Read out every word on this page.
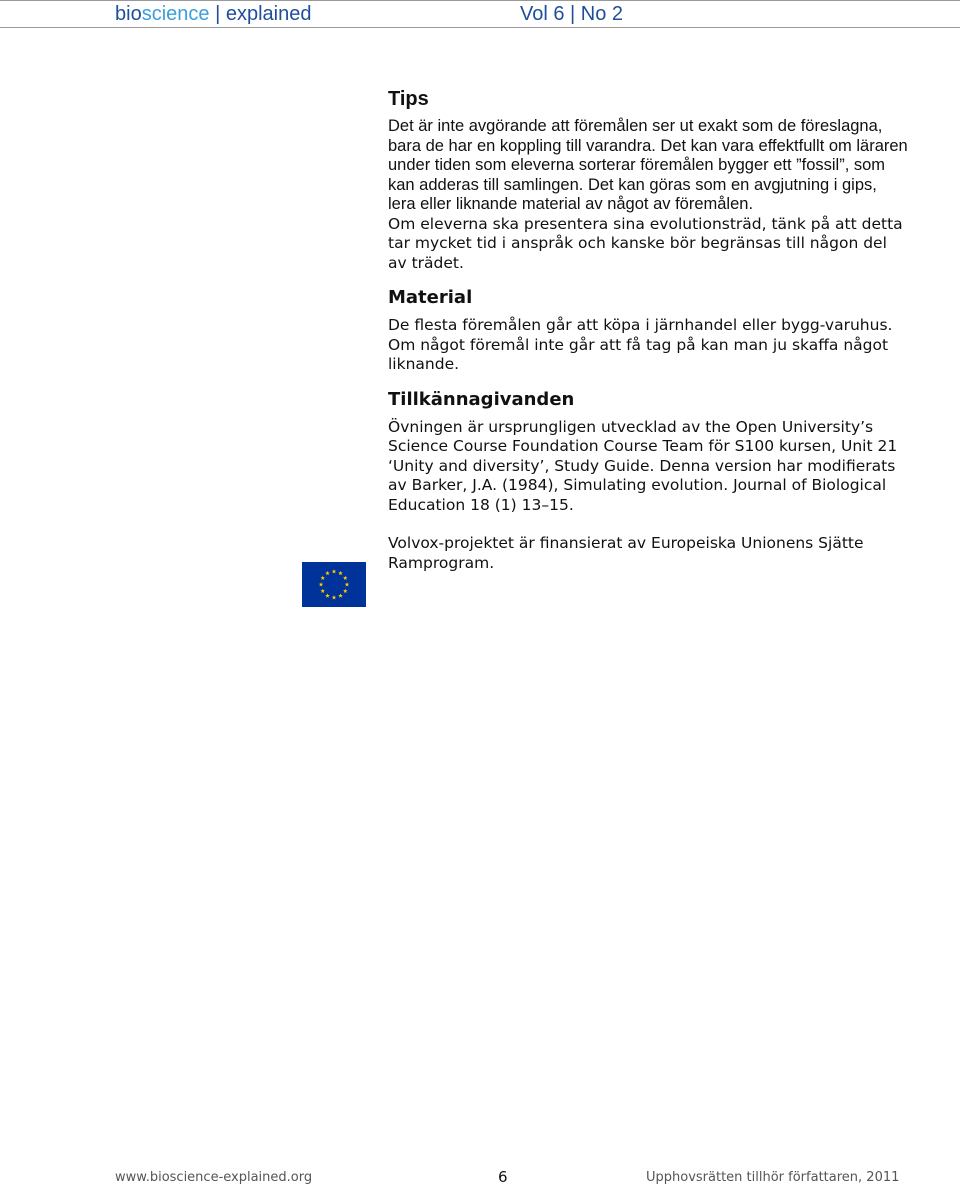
bioscience | explained	Vol 6 | No 2
Tips

Det är inte avgörande att föremålen ser ut exakt som de föreslagna, bara de har en koppling till varandra. Det kan vara effektfullt om läraren under tiden som eleverna sorterar föremålen bygger ett ”fossil”, som kan adderas till samlingen. Det kan göras som en avgjutning i gips, lera eller liknande material av något av föremålen.

Om eleverna ska presentera sina evolutionsträd, tänk på att detta tar mycket tid i anspråk och kanske bör begränsas till någon del av trädet.

Material

De flesta föremålen går att köpa i järnhandel eller bygg-varuhus. Om något föremål inte går att få tag på kan man ju skaffa något liknande.

Tillkännagivanden

Övningen är ursprungligen utvecklad av the Open University’s Science Course Foundation Course Team för S100 kursen, Unit 21 ‘Unity and diversity’, Study Guide. Denna version har modifierats av Barker, J.A. (1984), Simulating evolution. Journal of Biological Education 18 (1) 13–15.

Volvox-projektet är finansierat av Europeiska Unionens Sjätte Ramprogram.

www.bioscience-explained.org	6	Upphovsrätten tillhör författaren, 2011
